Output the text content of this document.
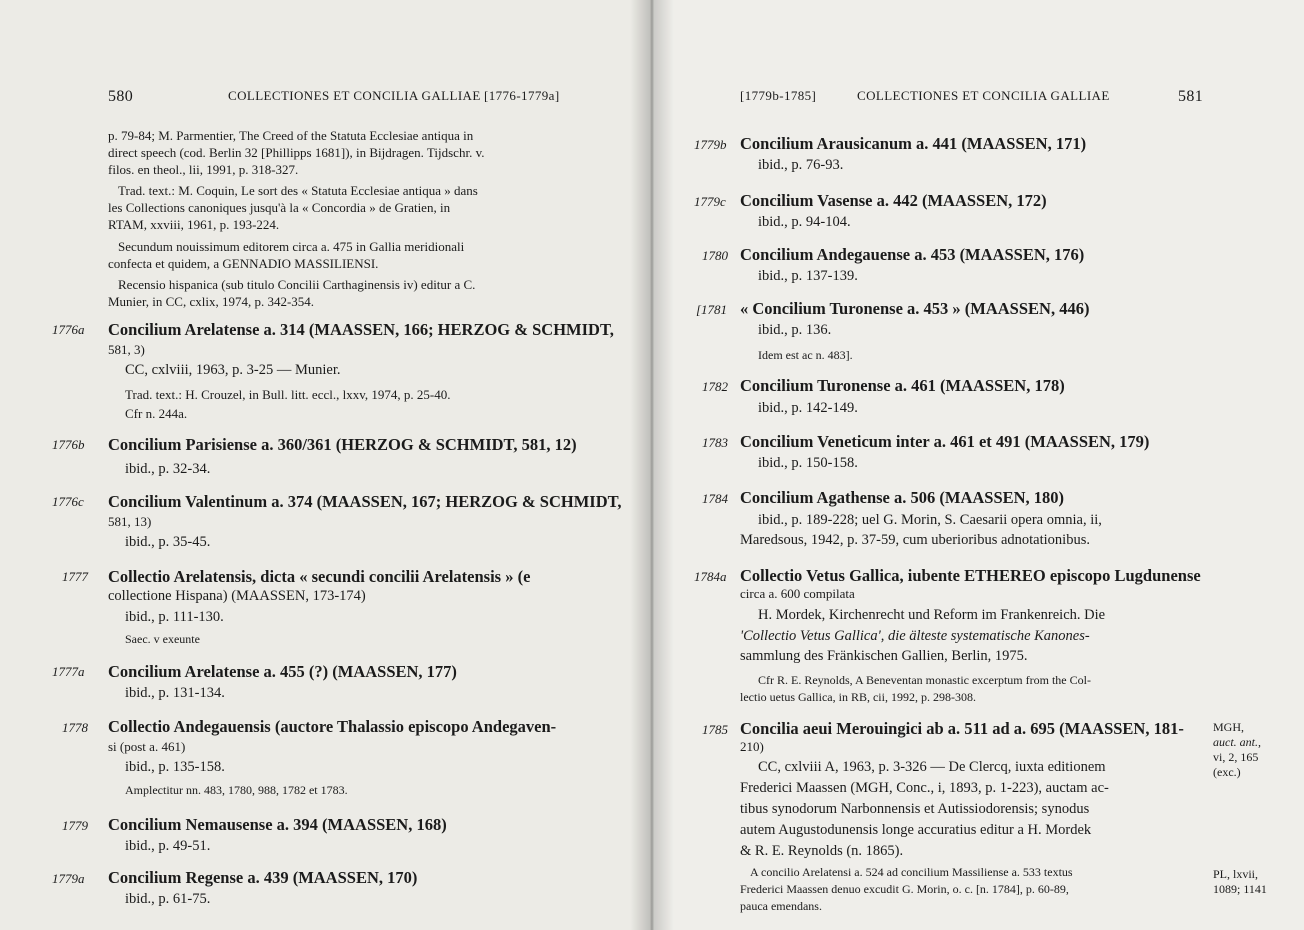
580	COLLECTIONES ET CONCILIA GALLIAE [1776-1779a]
p. 79-84; M. Parmentier, The Creed of the Statuta Ecclesiae antiqua in
direct speech (cod. Berlin 32 [Phillipps 1681]), in Bijdragen. Tijdschr. v.
filos. en theol., lii, 1991, p. 318-327.
Trad. text.: M. Coquin, Le sort des « Statuta Ecclesiae antiqua » dans
les Collections canoniques jusqu'à la « Concordia » de Gratien, in
RTAM, xxviii, 1961, p. 193-224.
Secundum nouissimum editorem circa a. 475 in Gallia meridionali
confecta et quidem, a GENNADIO MASSILIENSI.
Recensio hispanica (sub titulo Concilii Carthaginensis iv) editur a C.
Munier, in CC, cxlix, 1974, p. 342-354.
1776a Concilium Arelatense a. 314 (MAASSEN, 166; HERZOG & SCHMIDT,
581, 3)
CC, cxlviii, 1963, p. 3-25 — Munier.
Trad. text.: H. Crouzel, in Bull. litt. eccl., lxxv, 1974, p. 25-40.
Cfr n. 244a.
1776b Concilium Parisiense a. 360/361 (HERZOG & SCHMIDT, 581, 12)
ibid., p. 32-34.
1776c Concilium Valentinum a. 374 (MAASSEN, 167; HERZOG & SCHMIDT,
581, 13)
ibid., p. 35-45.
1777 Collectio Arelatensis, dicta « secundi concilii Arelatensis » (e
collectione Hispana) (MAASSEN, 173-174)
ibid., p. 111-130.
Saec. v exeunte
1777a Concilium Arelatense a. 455 (?) (MAASSEN, 177)
ibid., p. 131-134.
1778 Collectio Andegauensis (auctore Thalassio episcopo Andegaven-
si (post a. 461)
ibid., p. 135-158.
Amplectitur nn. 483, 1780, 988, 1782 et 1783.
1779 Concilium Nemausense a. 394 (MAASSEN, 168)
ibid., p. 49-51.
1779a Concilium Regense a. 439 (MAASSEN, 170)
ibid., p. 61-75.
[1779b-1785]	COLLECTIONES ET CONCILIA GALLIAE	581
1779b Concilium Arausicanum a. 441 (MAASSEN, 171)
ibid., p. 76-93.
1779c Concilium Vasense a. 442 (MAASSEN, 172)
ibid., p. 94-104.
1780 Concilium Andegauense a. 453 (MAASSEN, 176)
ibid., p. 137-139.
[1781 « Concilium Turonense a. 453 » (MAASSEN, 446)
ibid., p. 136.
Idem est ac n. 483].
1782 Concilium Turonense a. 461 (MAASSEN, 178)
ibid., p. 142-149.
1783 Concilium Veneticum inter a. 461 et 491 (MAASSEN, 179)
ibid., p. 150-158.
1784 Concilium Agathense a. 506 (MAASSEN, 180)
ibid., p. 189-228; uel G. Morin, S. Caesarii opera omnia, ii,
Maredsous, 1942, p. 37-59, cum uberioribus adnotationibus.
1784a Collectio Vetus Gallica, iubente ETHEREO episcopo Lugdunense
circa a. 600 compilata
H. Mordek, Kirchenrecht und Reform im Frankenreich. Die
'Collectio Vetus Gallica', die älteste systematische Kanones-
sammlung des Fränkischen Gallien, Berlin, 1975.
Cfr R. E. Reynolds, A Beneventan monastic excerptum from the Col-
lectio uetus Gallica, in RB, cii, 1992, p. 298-308.
1785 Concilia aeui Merouingici ab a. 511 ad a. 695 (MAASSEN, 181-
210)
CC, cxlviii A, 1963, p. 3-326 — De Clercq, iuxta editionem
Frederici Maassen (MGH, Conc., i, 1893, p. 1-223), auctam ac-
tibus synodorum Narbonnensis et Autissiodorensis; synodus
autem Augustodunensis longe accuratius editur a H. Mordek
& R. E. Reynolds (n. 1865).
A concilio Arelatensi a. 524 ad concilium Massiliense a. 533 textus
Frederici Maassen denuo excudit G. Morin, o. c. [n. 1784], p. 60-89,
pauca emendans.
MGH,
auct. ant.,
vi, 2, 165
(exc.)
PL, lxvii,
1089; 1141
